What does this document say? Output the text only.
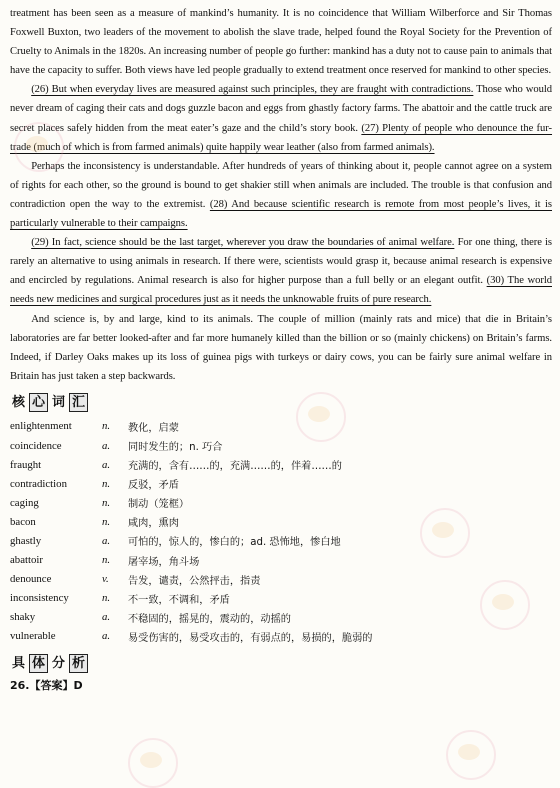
treatment has been seen as a measure of mankind’s humanity. It is no coincidence that William Wilberforce and Sir Thomas Foxwell Buxton, two leaders of the movement to abolish the slave trade, helped found the Royal Society for the Prevention of Cruelty to Animals in the 1820s. An increasing number of people go further: mankind has a duty not to cause pain to animals that have the capacity to suffer. Both views have led people gradually to extend treatment once reserved for mankind to other species.

(26) But when everyday lives are measured against such principles, they are fraught with contradictions. Those who would never dream of caging their cats and dogs guzzle bacon and eggs from ghastly factory farms. The abattoir and the cattle truck are secret places safely hidden from the meat eater’s gaze and the child’s story book. (27) Plenty of people who denounce the fur-trade (much of which is from farmed animals) quite happily wear leather (also from farmed animals).

Perhaps the inconsistency is understandable. After hundreds of years of thinking about it, people cannot agree on a system of rights for each other, so the ground is bound to get shakier still when animals are included. The trouble is that confusion and contradiction open the way to the extremist. (28) And because scientific research is remote from most people’s lives, it is particularly vulnerable to their campaigns.

(29) In fact, science should be the last target, wherever you draw the boundaries of animal welfare. For one thing, there is rarely an alternative to using animals in research. If there were, scientists would grasp it, because animal research is expensive and encircled by regulations. Animal research is also for higher purpose than a full belly or an elegant outfit. (30) The world needs new medicines and surgical procedures just as it needs the unknowable fruits of pure research.

And science is, by and large, kind to its animals. The couple of million (mainly rats and mice) that die in Britain’s laboratories are far better looked-after and far more humanely killed than the billion or so (mainly chickens) on Britain’s farms. Indeed, if Darley Oaks makes up its loss of guinea pigs with turkeys or dairy cows, you can be fairly sure animal welfare in Britain has just taken a step backwards.

核 心 词 汇
enlightenment	n.	教化，启蒙
coincidence	a.	同时发生的；n. 巧合
fraught	a.	充满的，含有……的，充满……的，伴着……的
contradiction	n.	反驳，矛盾
caging	n.	制动（笼框）
bacon	n.	咸肉，熏肉
ghastly	a.	可怕的，惊人的，惨白的；ad. 恐怖地，惨白地
abattoir	n.	屠宰场，角斗场
denounce	v.	告发，谴责，公然抨击，指责
inconsistency	n.	不一致，不调和，矛盾
shaky	a.	不稳固的，摇晃的，震动的，动摇的
vulnerable	a.	易受伤害的，易受攻击的，有弱点的，易损的，脆弱的
具 体 分 析
26.【答案】D
